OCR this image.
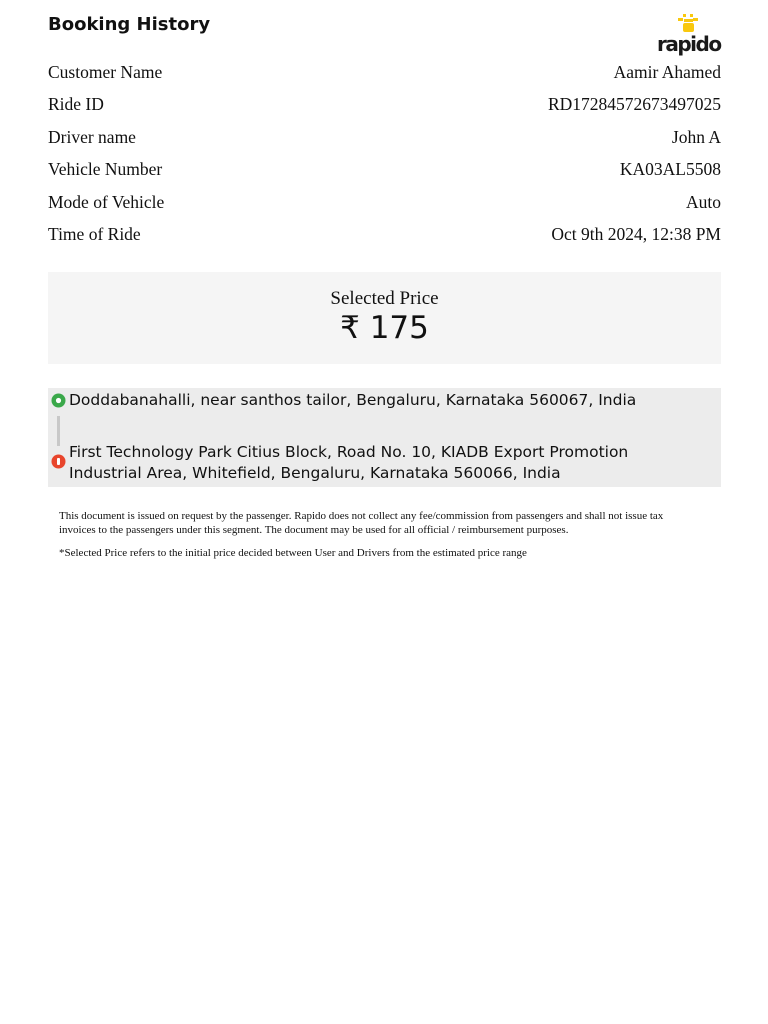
Booking History
rapido
Customer Name	Aamir Ahamed
Ride ID	RD17284572673497025
Driver name	John A
Vehicle Number	KA03AL5508
Mode of Vehicle	Auto
Time of Ride	Oct 9th 2024, 12:38 PM
Selected Price
₹ 175
Doddabanahalli, near santhos tailor, Bengaluru, Karnataka 560067, India
First Technology Park Citius Block, Road No. 10, KIADB Export Promotion Industrial Area, Whitefield, Bengaluru, Karnataka 560066, India

This document is issued on request by the passenger. Rapido does not collect any fee/commission from passengers and shall not issue tax invoices to the passengers under this segment. The document may be used for all official / reimbursement purposes.

*Selected Price refers to the initial price decided between User and Drivers from the estimated price range
